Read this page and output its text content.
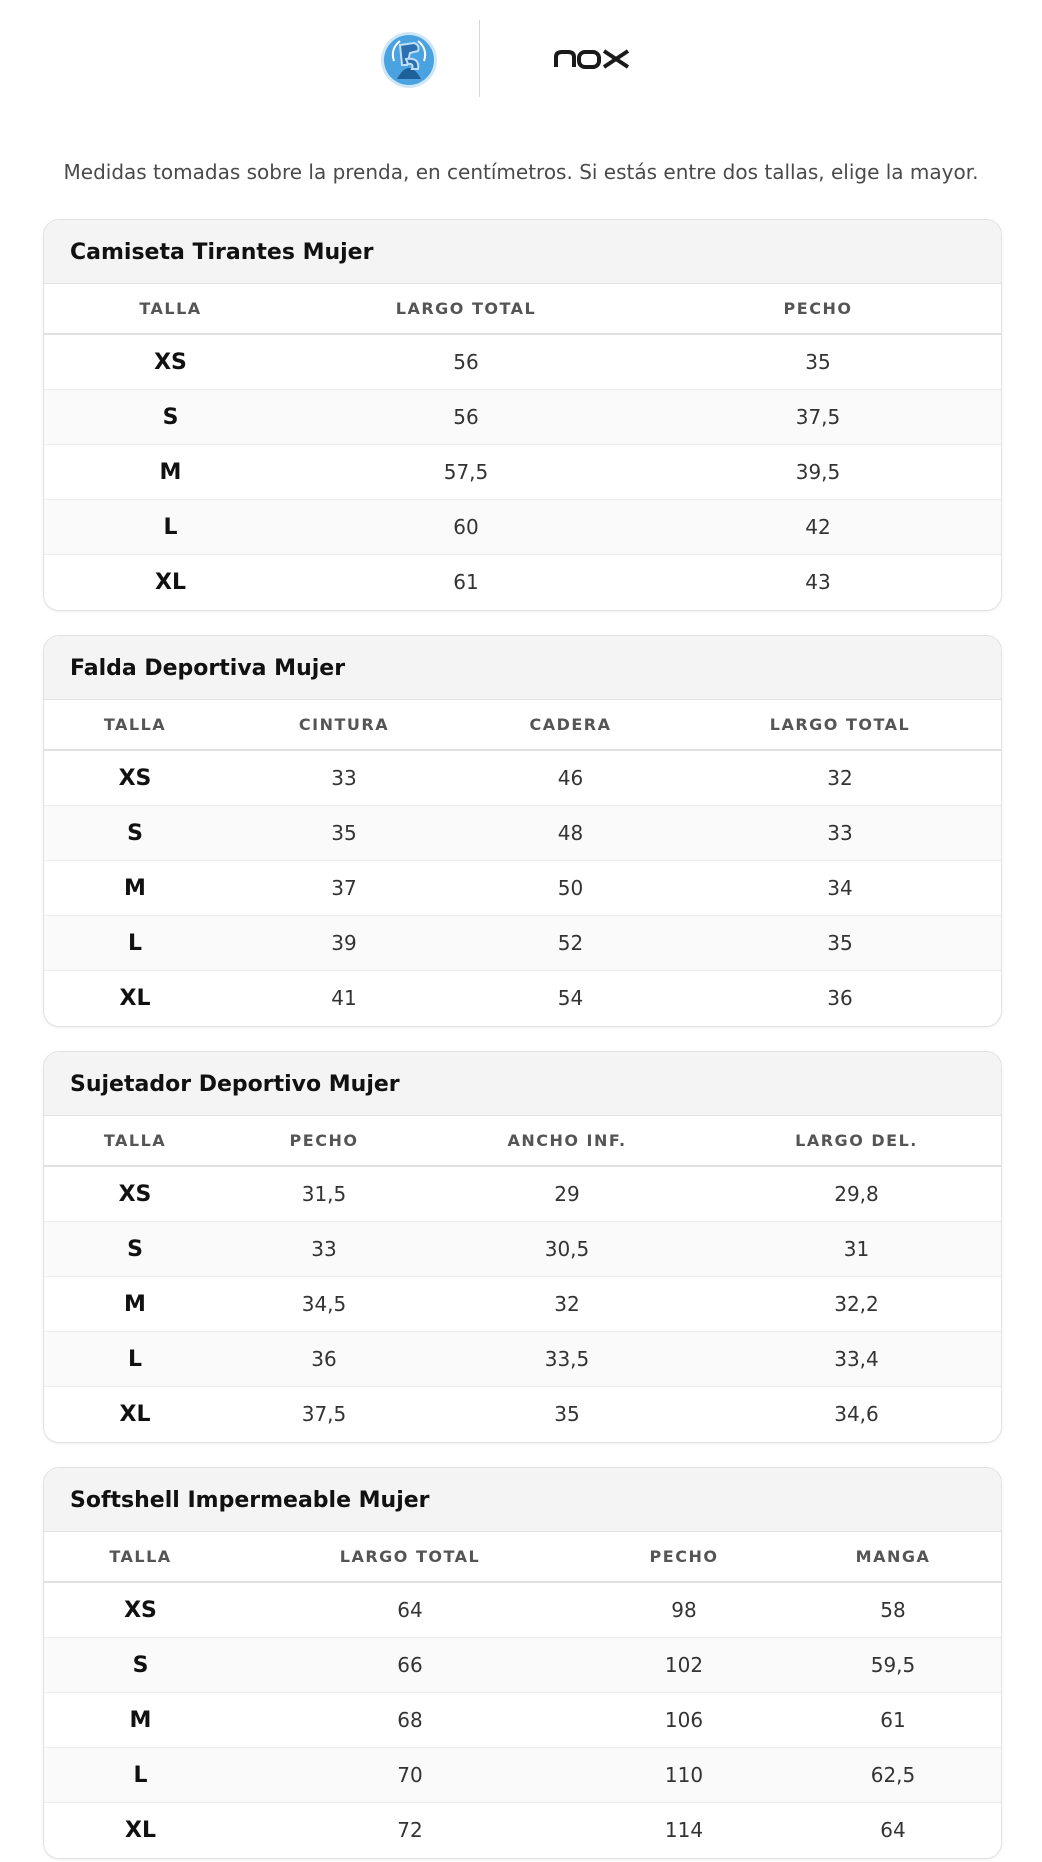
Medidas tomadas sobre la prenda, en centímetros. Si estás entre dos tallas, elige la mayor.
Camiseta Tirantes Mujer
TALLA	LARGO TOTAL	PECHO
XS	56	35
S	56	37,5
M	57,5	39,5
L	60	42
XL	61	43
Falda Deportiva Mujer
TALLA	CINTURA	CADERA	LARGO TOTAL
XS	33	46	32
S	35	48	33
M	37	50	34
L	39	52	35
XL	41	54	36
Sujetador Deportivo Mujer
TALLA	PECHO	ANCHO INF.	LARGO DEL.
XS	31,5	29	29,8
S	33	30,5	31
M	34,5	32	32,2
L	36	33,5	33,4
XL	37,5	35	34,6
Softshell Impermeable Mujer
TALLA	LARGO TOTAL	PECHO	MANGA
XS	64	98	58
S	66	102	59,5
M	68	106	61
L	70	110	62,5
XL	72	114	64
